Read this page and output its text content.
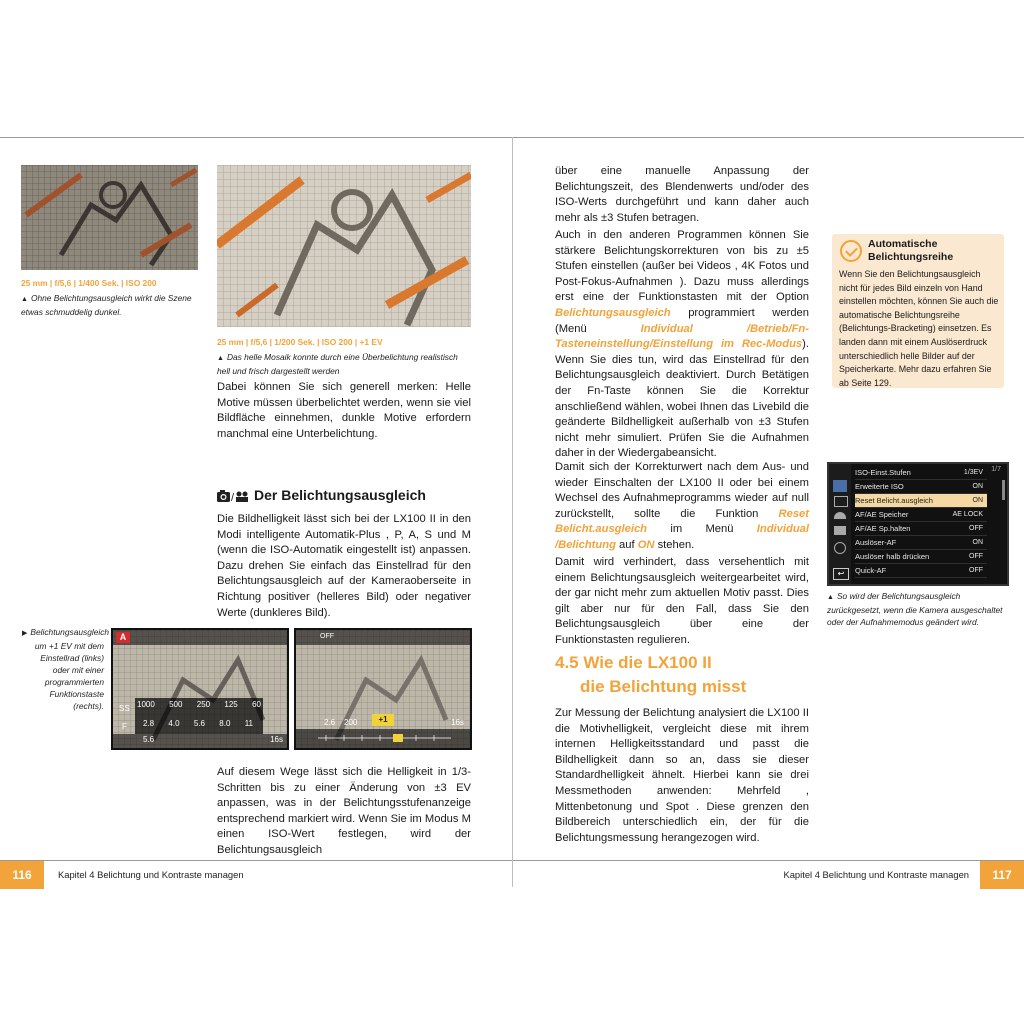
25 mm | f/5,6 | 1/400 Sek. | ISO 200
▲ Ohne Belichtungsausgleich wirkt die Szene etwas schmuddelig dunkel.
25 mm | f/5,6 | 1/200 Sek. | ISO 200 | +1 EV
▲ Das helle Mosaik konnte durch eine Überbelichtung realistisch hell und frisch dargestellt werden
Dabei können Sie sich generell merken: Helle Motive müssen überbelichtet werden, wenn sie viel Bildfläche einnehmen, dunkle Motive erfordern manchmal eine Unterbelichtung.
/ Der Belichtungsausgleich
Die Bildhelligkeit lässt sich bei der LX100 II in den Modi intelligente Automatik-Plus , P, A, S und M (wenn die ISO-Automatik eingestellt ist) anpassen. Dazu drehen Sie einfach das Einstellrad für den Belichtungsausgleich auf der Kameraoberseite in Richtung positiver (helleres Bild) oder negativer Werte (dunkleres Bild).
▶ Belichtungsausgleich um +1 EV mit dem Einstellrad (links) oder mit einer programmierten Funktionstaste (rechts).
A
SS
F
1000 500 250 125 60
2.8 4.0 5.6 8.0 11
5.6	16s
OFF
+1
2.6 200	16s
Auf diesem Wege lässt sich die Helligkeit in 1/3-Schritten bis zu einer Änderung von ±3 EV anpassen, was in der Belichtungsstufenanzeige entsprechend markiert wird. Wenn Sie im Modus M einen ISO-Wert festlegen, wird der Belichtungsausgleich
116	Kapitel 4 Belichtung und Kontraste managen
über eine manuelle Anpassung der Belichtungszeit, des Blendenwerts und/oder des ISO-Werts durchgeführt und kann daher auch mehr als ±3 Stufen betragen.
Auch in den anderen Programmen können Sie stärkere Belichtungskorrekturen von bis zu ±5 Stufen einstellen (außer bei Videos , 4K Fotos und Post-Fokus-Aufnahmen ). Dazu muss allerdings erst eine der Funktionstasten mit der Option Belichtungsausgleich programmiert werden (Menü Individual /Betrieb/Fn-Tasteneinstellung/Einstellung im Rec-Modus). Wenn Sie dies tun, wird das Einstellrad für den Belichtungsausgleich deaktiviert. Durch Betätigen der Fn-Taste können Sie die Korrektur anschließend wählen, wobei Ihnen das Livebild die geänderte Bildhelligkeit außerhalb von ±3 Stufen nicht mehr simuliert. Prüfen Sie die Aufnahmen daher in der Wiedergabeansicht.
Damit sich der Korrekturwert nach dem Aus- und wieder Einschalten der LX100 II oder bei einem Wechsel des Aufnahmeprogramms wieder auf null zurückstellt, sollte die Funktion Reset Belicht.ausgleich im Menü Individual /Belichtung auf ON stehen.
Damit wird verhindert, dass versehentlich mit einem Belichtungsausgleich weitergearbeitet wird, der gar nicht mehr zum aktuellen Motiv passt. Dies gilt aber nur für den Fall, dass Sie den Belichtungsausgleich über eine der Funktionstasten regulieren.
4.5 Wie die LX100 II
die Belichtung misst
Zur Messung der Belichtung analysiert die LX100 II die Motivhelligkeit, vergleicht diese mit ihrem internen Helligkeitsstandard und passt die Bildhelligkeit dann so an, dass sie dieser Standardhelligkeit ähnelt. Hierbei kann sie drei Messmethoden anwenden: Mehrfeld , Mittenbetonung und Spot . Diese grenzen den Bildbereich unterschiedlich ein, der für die Belichtungsmessung herangezogen wird.
Automatische Belichtungsreihe
Wenn Sie den Belichtungsausgleich nicht für jedes Bild einzeln von Hand einstellen möchten, können Sie auch die automatische Belichtungsreihe (Belichtungs-Bracketing) einsetzen. Es landen dann mit einem Auslöserdruck unterschiedlich helle Bilder auf der Speicherkarte. Mehr dazu erfahren Sie ab Seite 129.
↩
1/7
ISO-Einst.Stufen	1/3EV
Erweiterte ISO	ON
Reset Belicht.ausgleich	ON
AF/AE Speicher	AE LOCK
AF/AE Sp.halten	OFF
Auslöser-AF	ON
Auslöser halb drücken	OFF
Quick-AF	OFF
▲ So wird der Belichtungsausgleich zurückgesetzt, wenn die Kamera ausgeschaltet oder der Aufnahmemodus geändert wird.
Kapitel 4 Belichtung und Kontraste managen	117
